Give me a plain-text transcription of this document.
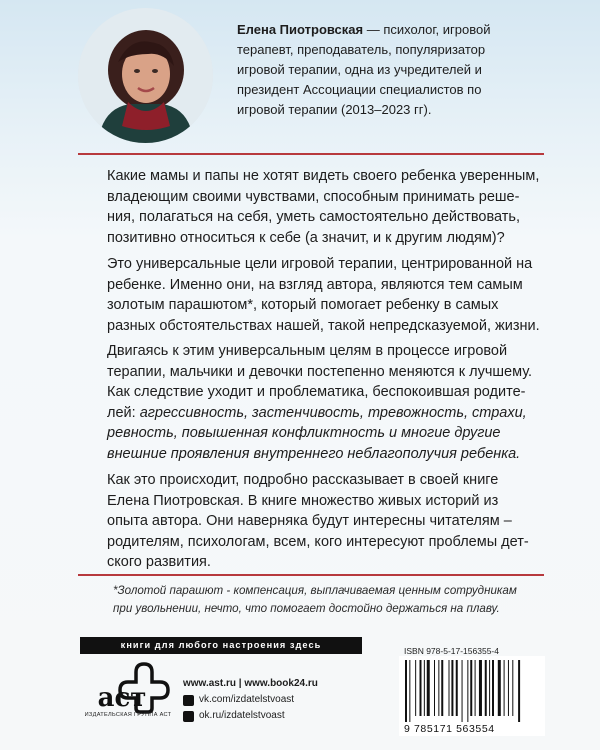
Елена Пиотровская — психолог, игровой
терапевт, преподаватель, популяризатор
игровой терапии, одна из учредителей и
президент Ассоциации специалистов по
игровой терапии (2013–2023 гг).

Какие мамы и папы не хотят видеть своего ребенка уверенным,
владеющим своими чувствами, способным принимать реше-
ния, полагаться на себя, уметь самостоятельно действовать,
позитивно относиться к себе (а значит, и к другим людям)?

Это универсальные цели игровой терапии, центрированной на
ребенке. Именно они, на взгляд автора, являются тем самым
золотым парашютом*, который помогает ребенку в самых
разных обстоятельствах нашей, такой непредсказуемой, жизни.

Двигаясь к этим универсальным целям в процессе игровой
терапии, мальчики и девочки постепенно меняются к лучшему.
Как следствие уходит и проблематика, беспокоившая родите-
лей: агрессивность, застенчивость, тревожность, страхи,
ревность, повышенная конфликтность и многие другие
внешние проявления внутреннего неблагополучия ребенка.

Как это происходит, подробно рассказывает в своей книге
Елена Пиотровская. В книге множество живых историй из
опыта автора. Они наверняка будут интересны читателям –
родителям, психологам, всем, кого интересуют проблемы дет-
ского развития.

*Золотой парашют - компенсация, выплачиваемая ценным сотрудникам
при увольнении, нечто, что помогает достойно держаться на плаву.
книги для любого настроения здесь
аст
ИЗДАТЕЛЬСКАЯ ГРУППА АСТ
www.ast.ru | www.book24.ru
vk.com/izdatelstvoast
ok.ru/izdatelstvoast
ISBN 978-5-17-156355-4
9 785171 563554
